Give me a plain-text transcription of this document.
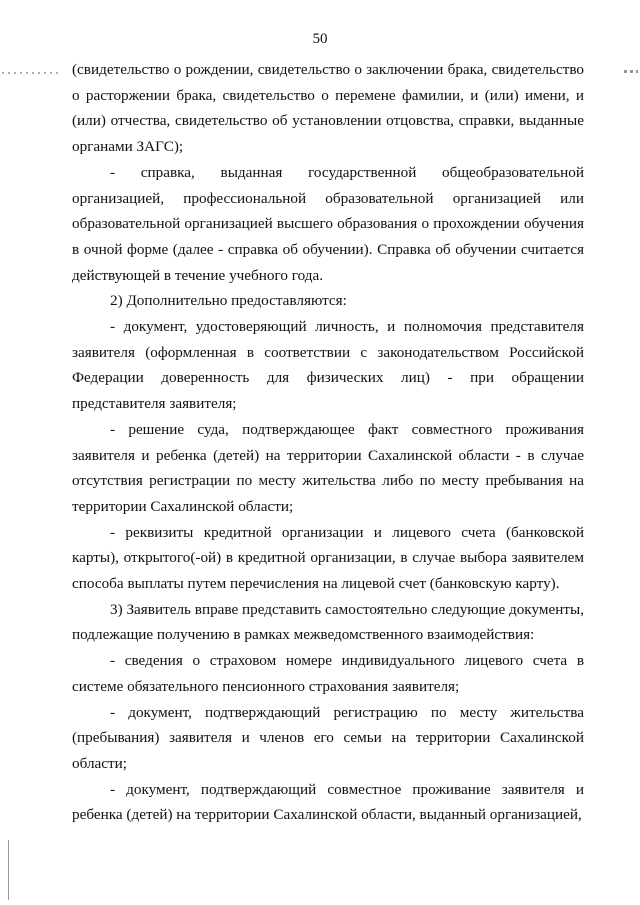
50

(свидетельство о рождении, свидетельство о заключении брака, свидетельство о расторжении брака, свидетельство о перемене фамилии, и (или) имени, и (или) отчества, свидетельство об установлении отцовства, справки, выданные органами ЗАГС);

- справка, выданная государственной общеобразовательной организацией, профессиональной образовательной организацией или образовательной организацией высшего образования о прохождении обучения в очной форме (далее - справка об обучении). Справка об обучении считается действующей в течение учебного года.

2) Дополнительно предоставляются:

- документ, удостоверяющий личность, и полномочия представителя заявителя (оформленная в соответствии с законодательством Российской Федерации доверенность для физических лиц) - при обращении представителя заявителя;

- решение суда, подтверждающее факт совместного проживания заявителя и ребенка (детей) на территории Сахалинской области - в случае отсутствия регистрации по месту жительства либо по месту пребывания на территории Сахалинской области;

- реквизиты кредитной организации и лицевого счета (банковской карты), открытого(-ой) в кредитной организации, в случае выбора заявителем способа выплаты путем перечисления на лицевой счет (банковскую карту).

3) Заявитель вправе представить самостоятельно следующие документы, подлежащие получению в рамках межведомственного взаимодействия:

- сведения о страховом номере индивидуального лицевого счета в системе обязательного пенсионного страхования заявителя;

- документ, подтверждающий регистрацию по месту жительства (пребывания) заявителя и членов его семьи на территории Сахалинской области;

- документ, подтверждающий совместное проживание заявителя и ребенка (детей) на территории Сахалинской области, выданный организацией,
